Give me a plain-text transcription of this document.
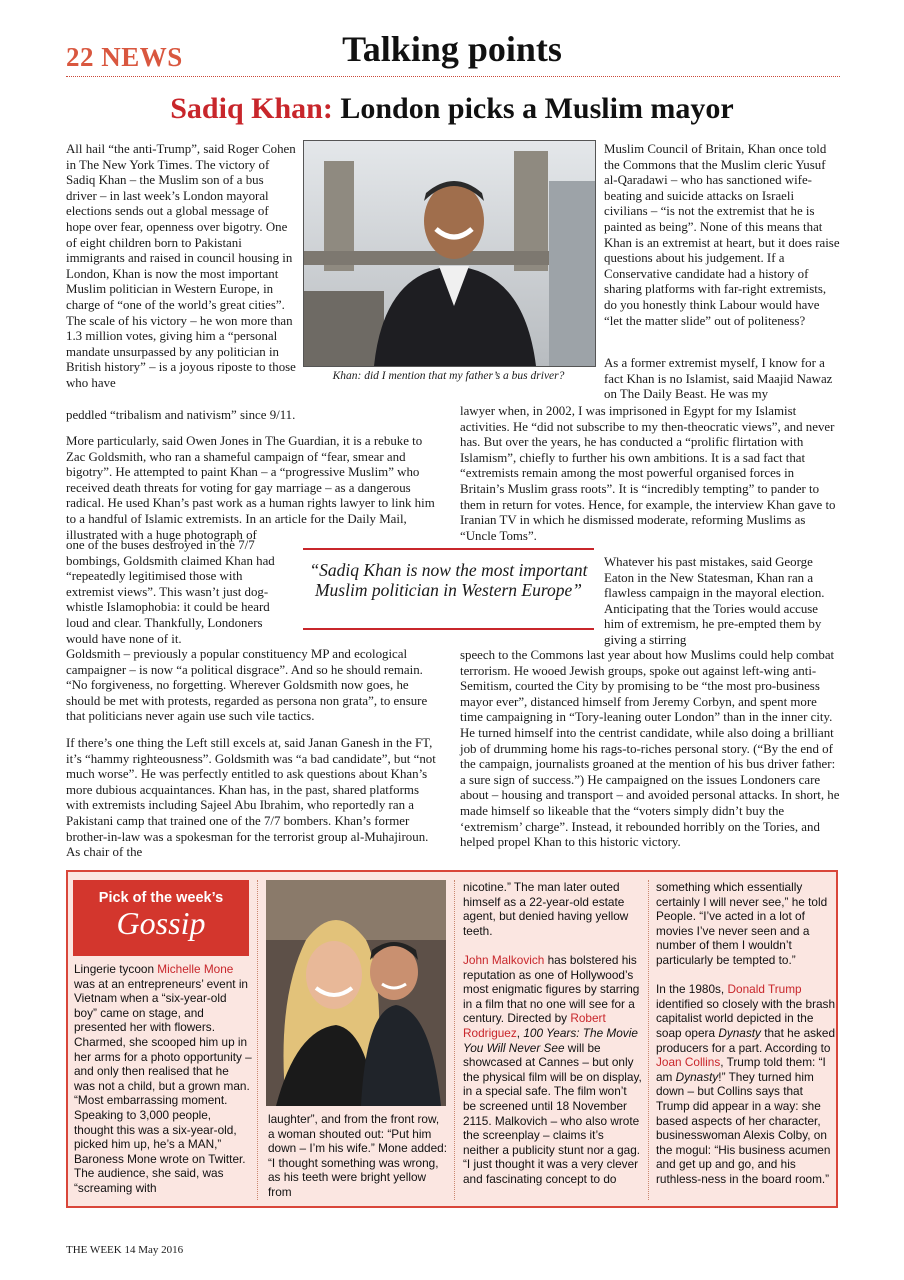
22 NEWS	Talking points
Sadiq Khan: London picks a Muslim mayor
All hail “the anti-Trump”, said Roger Cohen in The New York Times. The victory of Sadiq Khan – the Muslim son of a bus driver – in last week’s London mayoral elections sends out a global message of hope over fear, openness over bigotry. One of eight children born to Pakistani immigrants and raised in council housing in London, Khan is now the most important Muslim politician in Western Europe, in charge of “one of the world’s great cities”. The scale of his victory – he won more than 1.3 million votes, giving him a “personal mandate unsurpassed by any politician in British history” – is a joyous riposte to those who have
peddled “tribalism and nativism” since 9/11.
Khan: did I mention that my father’s a bus driver?
Muslim Council of Britain, Khan once told the Commons that the Muslim cleric Yusuf al-Qaradawi – who has sanctioned wife-beating and suicide attacks on Israeli civilians – “is not the extremist that he is painted as being”. None of this means that Khan is an extremist at heart, but it does raise questions about his judgement. If a Conservative candidate had a history of sharing platforms with far-right extremists, do you honestly think Labour would have “let the matter slide” out of politeness?
As a former extremist myself, I know for a fact Khan is no Islamist, said Maajid Nawaz on The Daily Beast. He was my
More particularly, said Owen Jones in The Guardian, it is a rebuke to Zac Goldsmith, who ran a shameful campaign of “fear, smear and bigotry”. He attempted to paint Khan – a “progressive Muslim” who received death threats for voting for gay marriage – as a dangerous radical. He used Khan’s past work as a human rights lawyer to link him to a handful of Islamic extremists. In an article for the Daily Mail, illustrated with a huge photograph of
one of the buses destroyed in the 7/7 bombings, Goldsmith claimed Khan had “repeatedly legitimised those with extremist views”. This wasn’t just dog-whistle Islamophobia: it could be heard loud and clear. Thankfully, Londoners would have none of it.
Goldsmith – previously a popular constituency MP and ecological campaigner – is now “a political disgrace”. And so he should remain. “No forgiveness, no forgetting. Wherever Goldsmith now goes, he should be met with protests, regarded as persona non grata”, to ensure that politicians never again use such vile tactics.
If there’s one thing the Left still excels at, said Janan Ganesh in the FT, it’s “hammy righteousness”. Goldsmith was “a bad candidate”, but “not much worse”. He was perfectly entitled to ask questions about Khan’s more dubious acquaintances. Khan has, in the past, shared platforms with extremists including Sajeel Abu Ibrahim, who reportedly ran a Pakistani camp that trained one of the 7/7 bombers. Khan’s former brother-in-law was a spokesman for the terrorist group al-Muhajiroun. As chair of the
“Sadiq Khan is now the most important Muslim politician in Western Europe”
lawyer when, in 2002, I was imprisoned in Egypt for my Islamist activities. He “did not subscribe to my then-theocratic views”, and never has. But over the years, he has conducted a “prolific flirtation with Islamism”, chiefly to further his own ambitions. It is a sad fact that “extremists remain among the most powerful organised forces in Britain’s Muslim grass roots”. It is “incredibly tempting” to pander to them in return for votes. Hence, for example, the interview Khan gave to Iranian TV in which he dismissed moderate, reforming Muslims as “Uncle Toms”.
Whatever his past mistakes, said George Eaton in the New Statesman, Khan ran a flawless campaign in the mayoral election. Anticipating that the Tories would accuse him of extremism, he pre-empted them by giving a stirring
speech to the Commons last year about how Muslims could help combat terrorism. He wooed Jewish groups, spoke out against left-wing anti-Semitism, courted the City by promising to be “the most pro-business mayor ever”, distanced himself from Jeremy Corbyn, and spent more time campaigning in “Tory-leaning outer London” than in the inner city. He turned himself into the centrist candidate, while also doing a brilliant job of drumming home his rags-to-riches personal story. (“By the end of the campaign, journalists groaned at the mention of his bus driver father: a sure sign of success.”) He campaigned on the issues Londoners care about – housing and transport – and avoided personal attacks. In short, he made himself so likeable that the “voters simply didn’t buy the ‘extremism’ charge”. Instead, it rebounded horribly on the Tories, and helped propel Khan to this historic victory.
Pick of the week’s
Gossip
Lingerie tycoon Michelle Mone was at an entrepreneurs’ event in Vietnam when a “six-year-old boy” came on stage, and presented her with flowers. Charmed, she scooped him up in her arms for a photo opportunity – and only then realised that he was not a child, but a grown man. “Most embarrassing moment. Speaking to 3,000 people, thought this was a six-year-old, picked him up, he’s a MAN,” Baroness Mone wrote on Twitter. The audience, she said, was “screaming with
laughter”, and from the front row, a woman shouted out: “Put him down – I’m his wife.” Mone added: “I thought something was wrong, as his teeth were bright yellow from

nicotine.” The man later outed himself as a 22-year-old estate agent, but denied having yellow teeth.

John Malkovich has bolstered his reputation as one of Hollywood’s most enigmatic figures by starring in a film that no one will see for a century. Directed by Robert Rodriguez, 100 Years: The Movie You Will Never See will be showcased at Cannes – but only the physical film will be on display, in a special safe. The film won’t be screened until 18 November 2115. Malkovich – who also wrote the screenplay – claims it’s neither a publicity stunt nor a gag. “I just thought it was a very clever and fascinating concept to do

something which essentially certainly I will never see,” he told People. “I’ve acted in a lot of movies I’ve never seen and a number of them I wouldn’t particularly be tempted to.”

In the 1980s, Donald Trump identified so closely with the brash capitalist world depicted in the soap opera Dynasty that he asked producers for a part. According to Joan Collins, Trump told them: “I am Dynasty!” They turned him down – but Collins says that Trump did appear in a way: she based aspects of her character, businesswoman Alexis Colby, on the mogul: “His business acumen and get up and go, and his ruthless-ness in the board room.”

THE WEEK 14 May 2016
